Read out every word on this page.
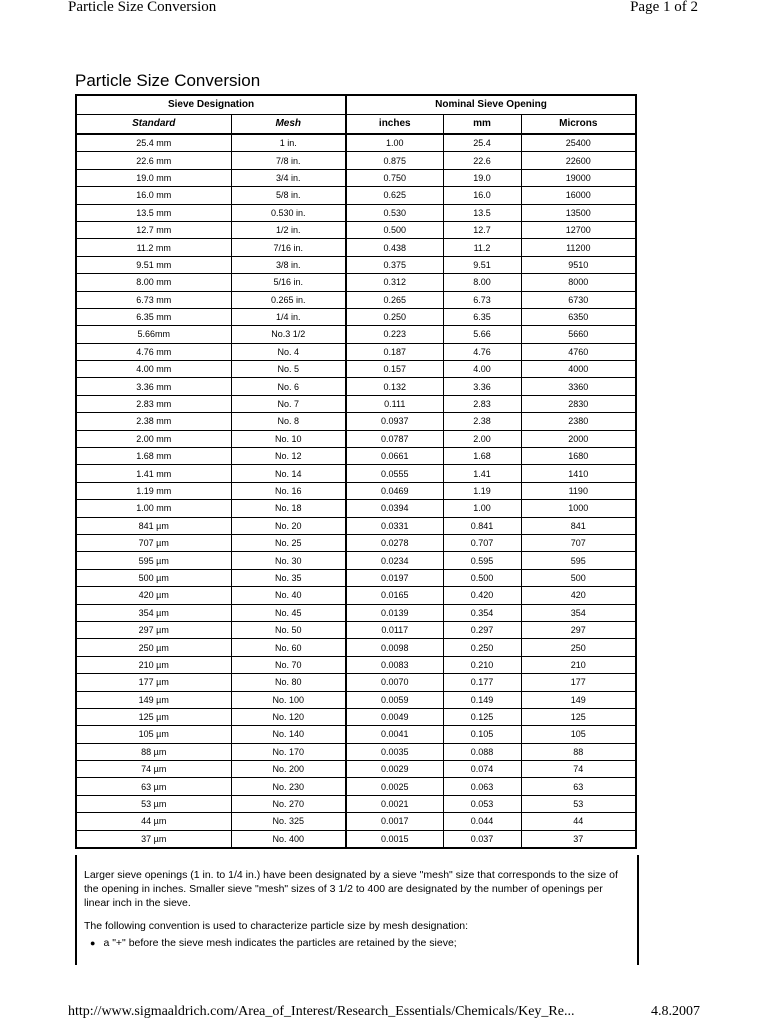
Particle Size Conversion	Page 1 of 2
Particle Size Conversion
Sieve Designation		Nominal Sieve Opening		
Standard	Mesh	inches	mm	Microns
25.4 mm	1 in.	1.00	25.4	25400
22.6 mm	7/8 in.	0.875	22.6	22600
19.0 mm	3/4 in.	0.750	19.0	19000
16.0 mm	5/8 in.	0.625	16.0	16000
13.5 mm	0.530 in.	0.530	13.5	13500
12.7 mm	1/2 in.	0.500	12.7	12700
11.2 mm	7/16 in.	0.438	11.2	11200
9.51 mm	3/8 in.	0.375	9.51	9510
8.00 mm	5/16 in.	0.312	8.00	8000
6.73 mm	0.265 in.	0.265	6.73	6730
6.35 mm	1/4 in.	0.250	6.35	6350
5.66mm	No.3 1/2	0.223	5.66	5660
4.76 mm	No. 4	0.187	4.76	4760
4.00 mm	No. 5	0.157	4.00	4000
3.36 mm	No. 6	0.132	3.36	3360
2.83 mm	No. 7	0.111	2.83	2830
2.38 mm	No. 8	0.0937	2.38	2380
2.00 mm	No. 10	0.0787	2.00	2000
1.68 mm	No. 12	0.0661	1.68	1680
1.41 mm	No. 14	0.0555	1.41	1410
1.19 mm	No. 16	0.0469	1.19	1190
1.00 mm	No. 18	0.0394	1.00	1000
841 µm	No. 20	0.0331	0.841	841
707 µm	No. 25	0.0278	0.707	707
595 µm	No. 30	0.0234	0.595	595
500 µm	No. 35	0.0197	0.500	500
420 µm	No. 40	0.0165	0.420	420
354 µm	No. 45	0.0139	0.354	354
297 µm	No. 50	0.0117	0.297	297
250 µm	No. 60	0.0098	0.250	250
210 µm	No. 70	0.0083	0.210	210
177 µm	No. 80	0.0070	0.177	177
149 µm	No. 100	0.0059	0.149	149
125 µm	No. 120	0.0049	0.125	125
105 µm	No. 140	0.0041	0.105	105
88 µm	No. 170	0.0035	0.088	88
74 µm	No. 200	0.0029	0.074	74
63 µm	No. 230	0.0025	0.063	63
53 µm	No. 270	0.0021	0.053	53
44 µm	No. 325	0.0017	0.044	44
37 µm	No. 400	0.0015	0.037	37
Larger sieve openings (1 in. to 1/4 in.) have been designated by a sieve "mesh" size that corresponds to the size of the opening in inches. Smaller sieve "mesh" sizes of 3 1/2 to 400 are designated by the number of openings per linear inch in the sieve.
The following convention is used to characterize particle size by mesh designation:
● a "+" before the sieve mesh indicates the particles are retained by the sieve;
http://www.sigmaaldrich.com/Area_of_Interest/Research_Essentials/Chemicals/Key_Re...	4.8.2007
